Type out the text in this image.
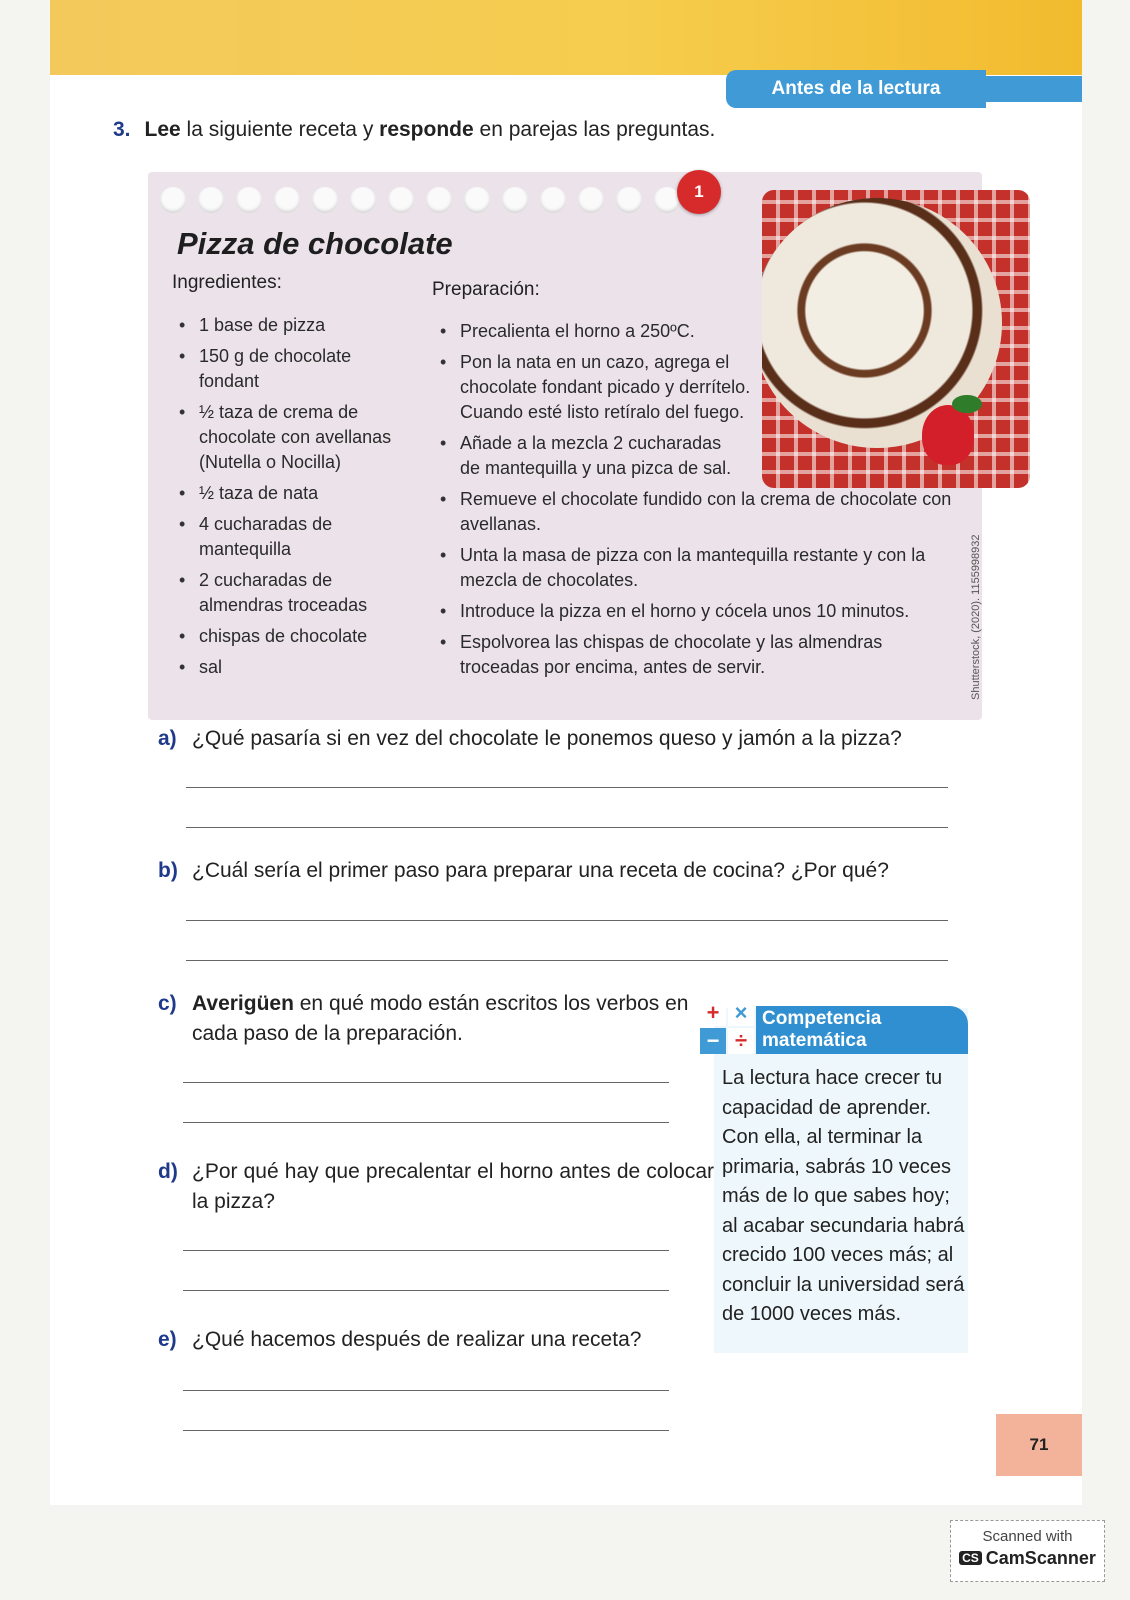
Antes de la lectura
3. Lee la siguiente receta y responde en parejas las preguntas.
1
Pizza de chocolate
Ingredientes:	Preparación:
• 1 base de pizza
• 150 g de chocolate fondant
• ½ taza de crema de chocolate con avellanas (Nutella o Nocilla)
• ½ taza de nata
• 4 cucharadas de mantequilla
• 2 cucharadas de almendras troceadas
• chispas de chocolate
• sal
• Precalienta el horno a 250ºC.
• Pon la nata en un cazo, agrega el chocolate fondant picado y derrítelo. Cuando esté listo retíralo del fuego.
• Añade a la mezcla 2 cucharadas de mantequilla y una pizca de sal.
• Remueve el chocolate fundido con la crema de chocolate con avellanas.
• Unta la masa de pizza con la mantequilla restante y con la mezcla de chocolates.
• Introduce la pizza en el horno y cócela unos 10 minutos.
• Espolvorea las chispas de chocolate y las almendras troceadas por encima, antes de servir.	Shutterstock, (2020). 1155998932
a) ¿Qué pasaría si en vez del chocolate le ponemos queso y jamón a la pizza?
b) ¿Cuál sería el primer paso para preparar una receta de cocina? ¿Por qué?
c) Averigüen en qué modo están escritos los verbos en cada paso de la preparación.
d) ¿Por qué hay que precalentar el horno antes de colocar la pizza?
e) ¿Qué hacemos después de realizar una receta?
+ ×
− ÷
Competencia
matemática
La lectura hace crecer tu capacidad de aprender. Con ella, al terminar la primaria, sabrás 10 veces más de lo que sabes hoy; al acabar secundaria habrá crecido 100 veces más; al concluir la universidad será de 1000 veces más.
71
Scanned with
CS CamScanner
